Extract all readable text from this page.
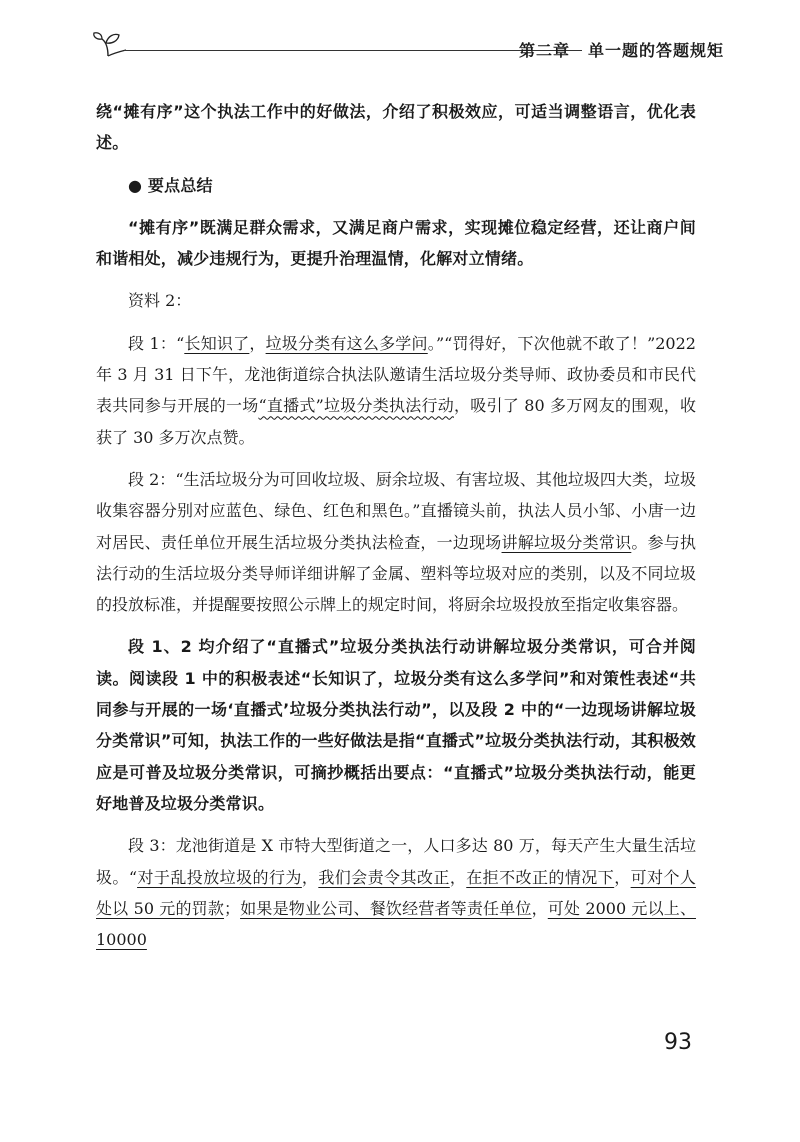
第二章 单一题的答题规矩

绕“摊有序”这个执法工作中的好做法，介绍了积极效应，可适当调整语言，优化表述。

● 要点总结

“摊有序”既满足群众需求，又满足商户需求，实现摊位稳定经营，还让商户间和谐相处，减少违规行为，更提升治理温情，化解对立情绪。

资料 2：

段 1：“长知识了，垃圾分类有这么多学问。”“罚得好，下次他就不敢了！”2022 年 3 月 31 日下午，龙池街道综合执法队邀请生活垃圾分类导师、政协委员和市民代表共同参与开展的一场“直播式”垃圾分类执法行动，吸引了 80 多万网友的围观，收获了 30 多万次点赞。

段 2：“生活垃圾分为可回收垃圾、厨余垃圾、有害垃圾、其他垃圾四大类，垃圾收集容器分别对应蓝色、绿色、红色和黑色。”直播镜头前，执法人员小邹、小唐一边对居民、责任单位开展生活垃圾分类执法检查，一边现场讲解垃圾分类常识。参与执法行动的生活垃圾分类导师详细讲解了金属、塑料等垃圾对应的类别，以及不同垃圾的投放标准，并提醒要按照公示牌上的规定时间，将厨余垃圾投放至指定收集容器。

段 1、2 均介绍了“直播式”垃圾分类执法行动讲解垃圾分类常识，可合并阅读。阅读段 1 中的积极表述“长知识了，垃圾分类有这么多学问”和对策性表述“共同参与开展的一场‘直播式’垃圾分类执法行动”，以及段 2 中的“一边现场讲解垃圾分类常识”可知，执法工作的一些好做法是指“直播式”垃圾分类执法行动，其积极效应是可普及垃圾分类常识，可摘抄概括出要点：“直播式”垃圾分类执法行动，能更好地普及垃圾分类常识。

段 3：龙池街道是 X 市特大型街道之一，人口多达 80 万，每天产生大量生活垃圾。“对于乱投放垃圾的行为，我们会责令其改正，在拒不改正的情况下，可对个人处以 50 元的罚款；如果是物业公司、餐饮经营者等责任单位，可处 2000 元以上、10000

93
